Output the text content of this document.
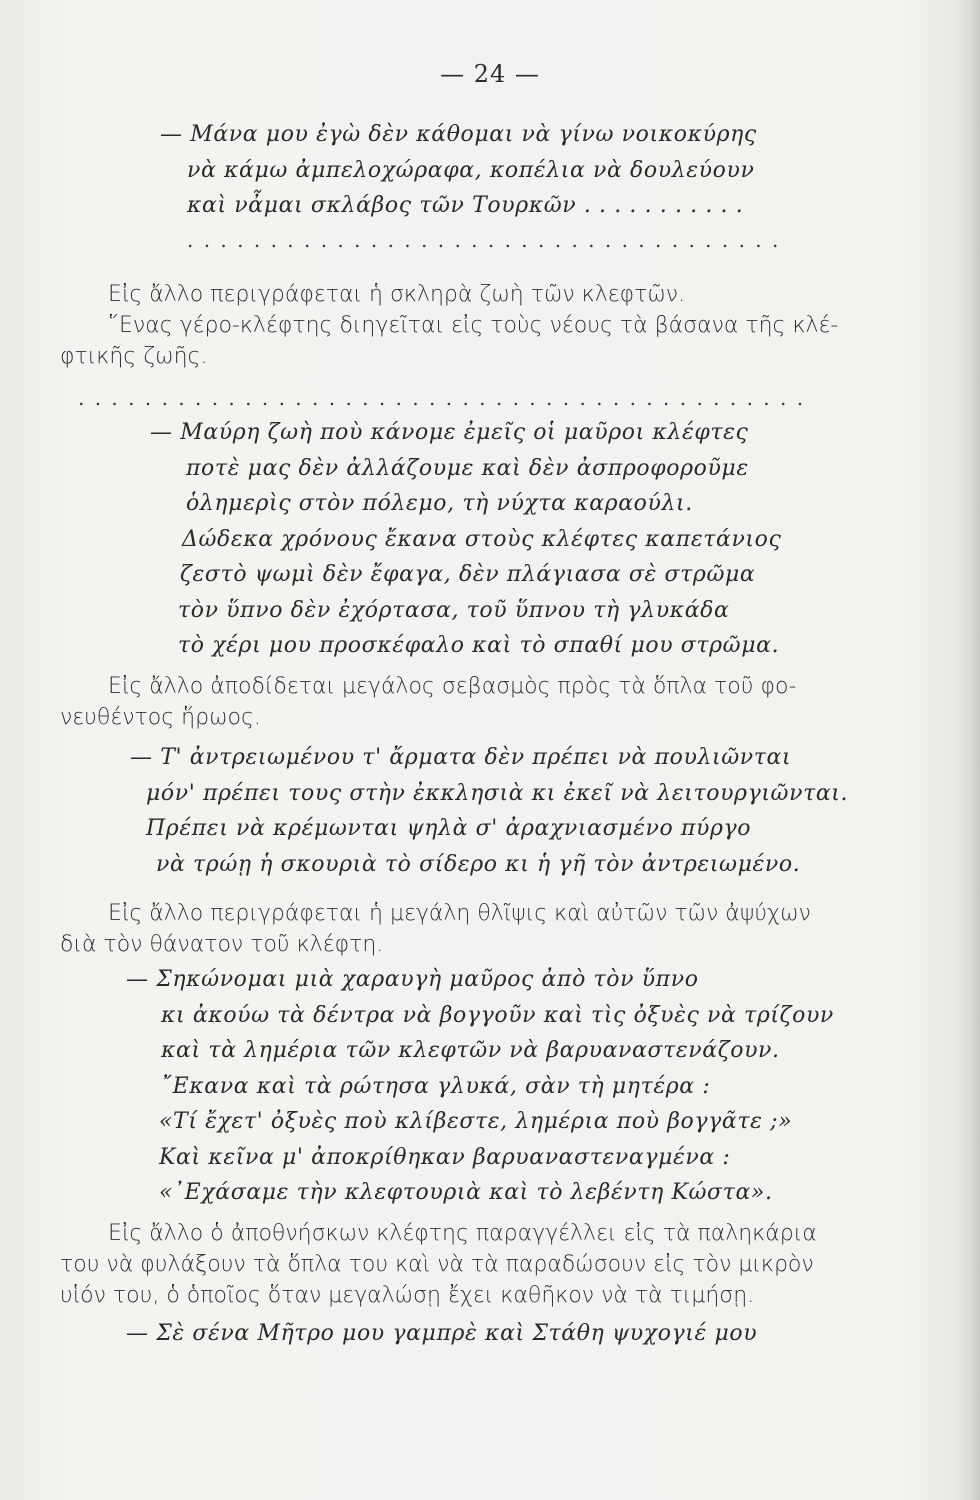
— 24 —
— Μάνα μου ἐγὼ δὲν κάθομαι νὰ γίνω νοικοκύρης
νὰ κάμω ἀμπελοχώραφα, κοπέλια νὰ δουλεύουν
καὶ νἆμαι σκλάβος τῶν Τουρκῶν . . . . . . . . . . .
. . . . . . . . . . . . . . . . . . . . . . . . . . . . . . . . . . . .
Εἰς ἄλλο περιγράφεται ἡ σκληρὰ ζωὴ τῶν κλεφτῶν.
῞Ενας γέρο-κλέφτης διηγεῖται εἰς τοὺς νέους τὰ βάσανα τῆς κλέ-
φτικῆς ζωῆς.
. . . . . . . . . . . . . . . . . . . . . . . . . . . . . . . . . . . . . . . . . . . .
— Μαύρη ζωὴ ποὺ κάνομε ἐμεῖς οἱ μαῦροι κλέφτες
ποτὲ μας δὲν ἀλλάζουμε καὶ δὲν ἀσπροφοροῦμε
ὁλημερὶς στὸν πόλεμο, τὴ νύχτα καραούλι.
Δώδεκα χρόνους ἔκανα στοὺς κλέφτες καπετάνιος
ζεστὸ ψωμὶ δὲν ἔφαγα, δὲν πλάγιασα σὲ στρῶμα
τὸν ὕπνο δὲν ἐχόρτασα, τοῦ ὕπνου τὴ γλυκάδα
τὸ χέρι μου προσκέφαλο καὶ τὸ σπαθί μου στρῶμα.
Εἰς ἄλλο ἀποδίδεται μεγάλος σεβασμὸς πρὸς τὰ ὅπλα τοῦ φο-
νευθέντος ἥρωος.
— Τ' ἀντρειωμένου τ' ἄρματα δὲν πρέπει νὰ πουλιῶνται
μόν' πρέπει τους στὴν ἐκκλησιὰ κι ἐκεῖ νὰ λειτουργιῶνται.
Πρέπει νὰ κρέμωνται ψηλὰ σ' ἀραχνιασμένο πύργο
νὰ τρώῃ ἡ σκουριὰ τὸ σίδερο κι ἡ γῆ τὸν ἀντρειωμένο.
Εἰς ἄλλο περιγράφεται ἡ μεγάλη θλῖψις καὶ αὐτῶν τῶν ἀψύχων
διὰ τὸν θάνατον τοῦ κλέφτη.
— Σηκώνομαι μιὰ χαραυγὴ μαῦρος ἀπὸ τὸν ὕπνο
κι ἀκούω τὰ δέντρα νὰ βογγοῦν καὶ τὶς ὀξυὲς νὰ τρίζουν
καὶ τὰ λημέρια τῶν κλεφτῶν νὰ βαρυαναστενάζουν.
῎Εκανα καὶ τὰ ρώτησα γλυκά, σὰν τὴ μητέρα :
«Τί ἔχετ' ὀξυὲς ποὺ κλίβεστε, λημέρια ποὺ βογγᾶτε ;»
Καὶ κεῖνα μ' ἀποκρίθηκαν βαρυαναστεναγμένα :
«᾿Εχάσαμε τὴν κλεφτουριὰ καὶ τὸ λεβέντη Κώστα».
Εἰς ἄλλο ὁ ἀποθνήσκων κλέφτης παραγγέλλει εἰς τὰ παληκάρια
του νὰ φυλάξουν τὰ ὅπλα του καὶ νὰ τὰ παραδώσουν εἰς τὸν μικρὸν
υἱόν του, ὁ ὁποῖος ὅταν μεγαλώσῃ ἔχει καθῆκον νὰ τὰ τιμήσῃ.
— Σὲ σένα Μῆτρο μου γαμπρὲ καὶ Στάθη ψυχογιέ μου
